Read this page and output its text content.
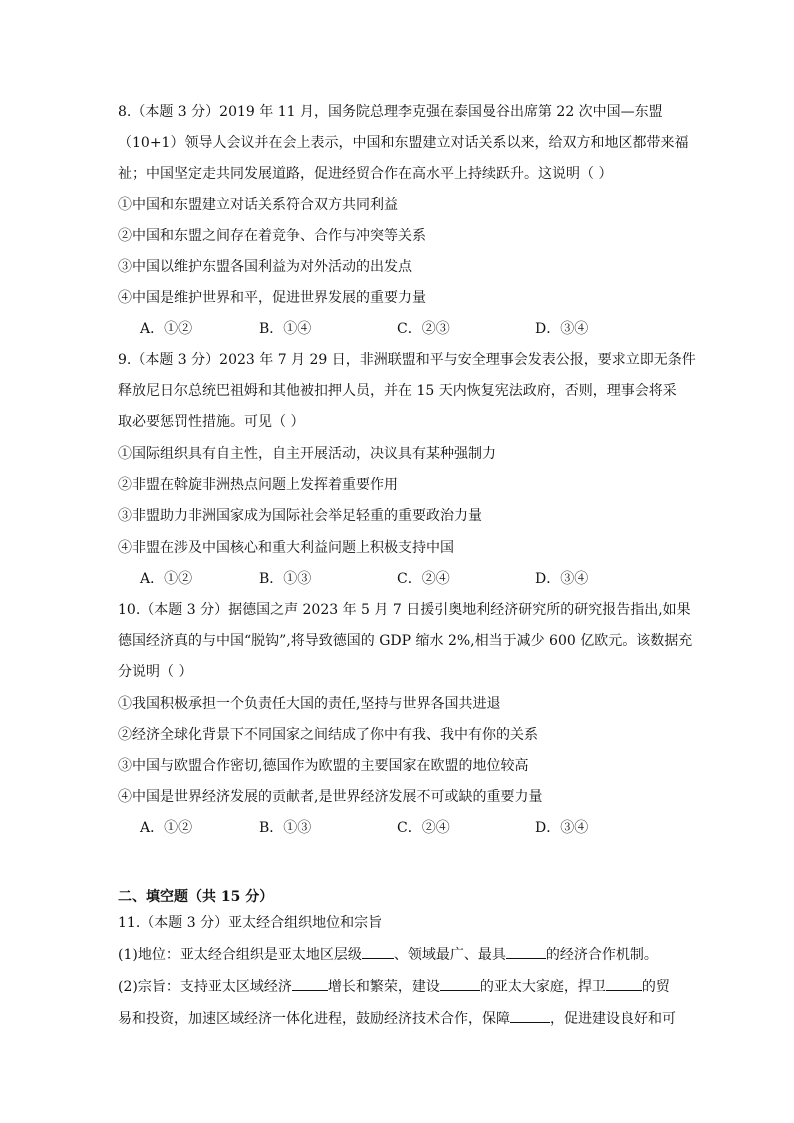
8.（本题 3 分）2019 年 11 月，国务院总理李克强在泰国曼谷出席第 22 次中国—东盟
（10+1）领导人会议并在会上表示，中国和东盟建立对话关系以来，给双方和地区都带来福
祉；中国坚定走共同发展道路，促进经贸合作在高水平上持续跃升。这说明（ ）
①中国和东盟建立对话关系符合双方共同利益
②中国和东盟之间存在着竞争、合作与冲突等关系
③中国以维护东盟各国利益为对外活动的出发点
④中国是维护世界和平，促进世界发展的重要力量
A．①②	B．①④	C．②③	D．③④
9.（本题 3 分）2023 年 7 月 29 日，非洲联盟和平与安全理事会发表公报，要求立即无条件
释放尼日尔总统巴祖姆和其他被扣押人员，并在 15 天内恢复宪法政府，否则，理事会将采
取必要惩罚性措施。可见（ ）
①国际组织具有自主性，自主开展活动，决议具有某种强制力
②非盟在斡旋非洲热点问题上发挥着重要作用
③非盟助力非洲国家成为国际社会举足轻重的重要政治力量
④非盟在涉及中国核心和重大利益问题上积极支持中国
A．①②	B．①③	C．②④	D．③④
10.（本题 3 分）据德国之声 2023 年 5 月 7 日援引奥地利经济研究所的研究报告指出,如果
德国经济真的与中国“脱钩”,将导致德国的 GDP 缩水 2%,相当于减少 600 亿欧元。该数据充
分说明（ ）
①我国积极承担一个负责任大国的责任,坚持与世界各国共进退
②经济全球化背景下不同国家之间结成了你中有我、我中有你的关系
③中国与欧盟合作密切,德国作为欧盟的主要国家在欧盟的地位较高
④中国是世界经济发展的贡献者,是世界经济发展不可或缺的重要力量
A．①②	B．①③	C．②④	D．③④
二、填空题（共 15 分）
11.（本题 3 分）亚太经合组织地位和宗旨
(1)地位：亚太经合组织是亚太地区层级 、领域最广、最具	的经济合作机制。
(2)宗旨：支持亚太区域经济	增长和繁荣，建设	的亚太大家庭，捍卫	的贸
易和投资，加速区域经济一体化进程，鼓励经济技术合作，保障	，促进建设良好和可
